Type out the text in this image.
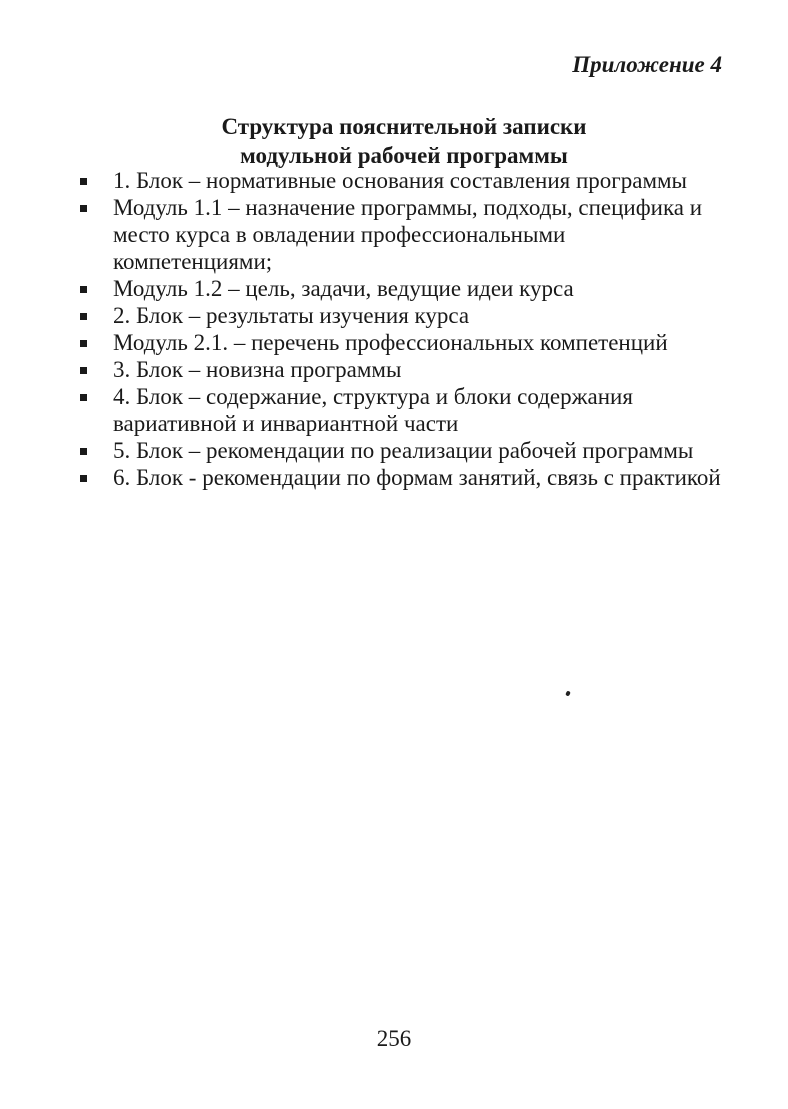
Приложение 4
Структура пояснительной записки
модульной рабочей программы
1. Блок – нормативные основания составления программы
Модуль 1.1 – назначение программы, подходы, специфика и место курса в овладении профессиональными компетенциями;
Модуль 1.2 – цель, задачи, ведущие идеи курса
2. Блок – результаты изучения курса
Модуль 2.1. – перечень профессиональных компетенций
3. Блок – новизна программы
4. Блок – содержание, структура и блоки содержания вариативной и инвариантной части
5. Блок – рекомендации по реализации рабочей программы
6. Блок - рекомендации по формам занятий, связь с практикой
256
